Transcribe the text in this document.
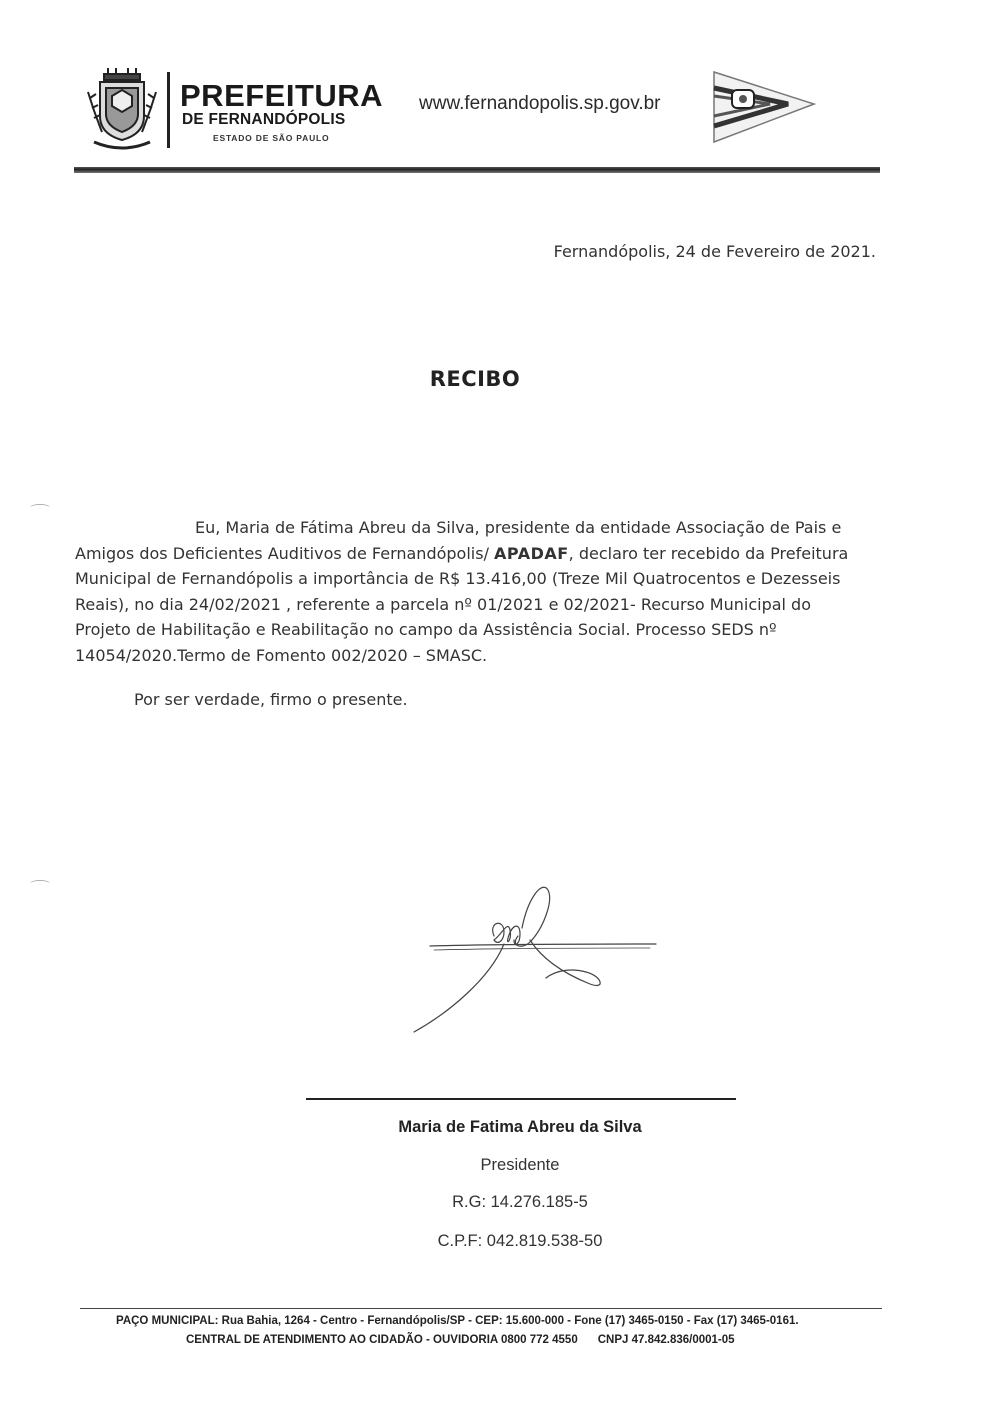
PREFEITURA
DE FERNANDÓPOLIS
ESTADO DE SÃO PAULO
www.fernandopolis.sp.gov.br
Fernandópolis, 24 de Fevereiro de 2021.
RECIBO

Eu, Maria de Fátima Abreu da Silva, presidente da entidade Associação de Pais e Amigos dos Deficientes Auditivos de Fernandópolis/ APADAF, declaro ter recebido da Prefeitura Municipal de Fernandópolis a importância de R$ 13.416,00 (Treze Mil Quatrocentos e Dezesseis Reais), no dia 24/02/2021 , referente a parcela nº 01/2021 e 02/2021- Recurso Municipal do Projeto de Habilitação e Reabilitação no campo da Assistência Social. Processo SEDS nº 14054/2020.Termo de Fomento 002/2020 – SMASC.

Por ser verdade, firmo o presente.
Maria de Fatima Abreu da Silva
Presidente
R.G: 14.276.185-5
C.P.F: 042.819.538-50
PAÇO MUNICIPAL: Rua Bahia, 1264 - Centro - Fernandópolis/SP - CEP: 15.600-000 - Fone (17) 3465-0150 - Fax (17) 3465-0161.
CENTRAL DE ATENDIMENTO AO CIDADÃO - OUVIDORIA 0800 772 4550 CNPJ 47.842.836/0001-05
